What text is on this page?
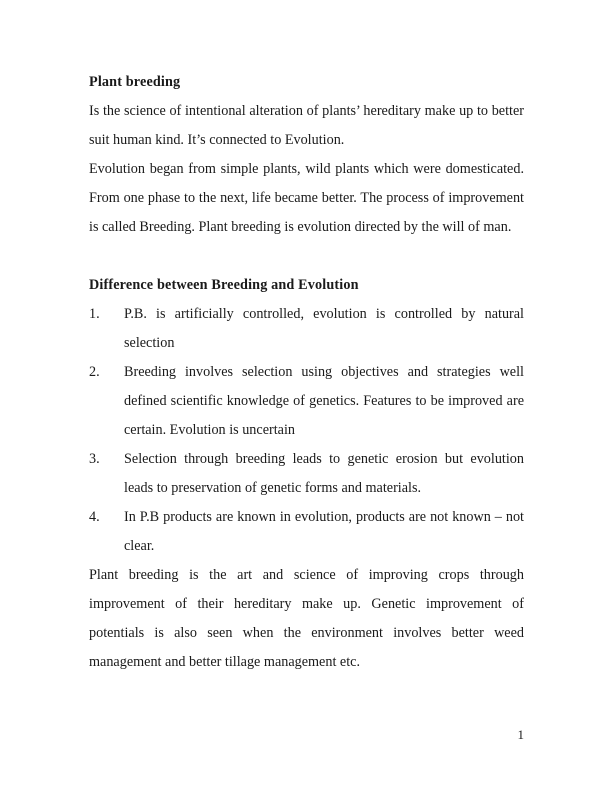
Plant breeding

Is the science of intentional alteration of plants’ hereditary make up to better suit human kind. It’s connected to Evolution.

Evolution began from simple plants, wild plants which were domesticated. From one phase to the next, life became better. The process of improvement is called Breeding. Plant breeding is evolution directed by the will of man.

Difference between Breeding and Evolution
1.	P.B. is artificially controlled, evolution is controlled by natural selection
2.	Breeding involves selection using objectives and strategies well defined scientific knowledge of genetics. Features to be improved are certain. Evolution is uncertain
3.	Selection through breeding leads to genetic erosion but evolution leads to preservation of genetic forms and materials.
4.	In P.B products are known in evolution, products are not known – not clear.

Plant breeding is the art and science of improving crops through improvement of their hereditary make up. Genetic improvement of potentials is also seen when the environment involves better weed management and better tillage management etc.

1
